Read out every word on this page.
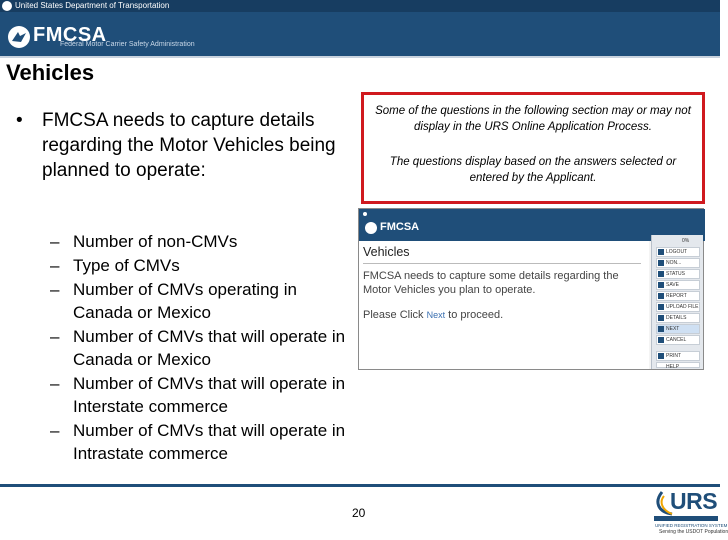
United States Department of Transportation
FMCSA
Federal Motor Carrier Safety Administration
Vehicles
• FMCSA needs to capture details regarding the Motor Vehicles being planned to operate:
– Number of non-CMVs
– Type of CMVs
– Number of CMVs operating in Canada or Mexico
– Number of CMVs that will operate in Canada or Mexico
– Number of CMVs that will operate in Interstate commerce
– Number of CMVs that will operate in Intrastate commerce

Some of the questions in the following section may or may not display in the URS Online Application Process.

The questions display based on the answers selected or entered by the Applicant.

FMCSA
Vehicles
FMCSA needs to capture some details regarding the Motor Vehicles you plan to operate.
Please Click Next to proceed.
0%
LOGOUT
NON...
STATUS
SAVE
REPORT
UPLOAD FILE
DETAILS
NEXT
CANCEL
PRINT
HELP
20	URS
UNIFIED REGISTRATION SYSTEM
Serving the USDOT Population
